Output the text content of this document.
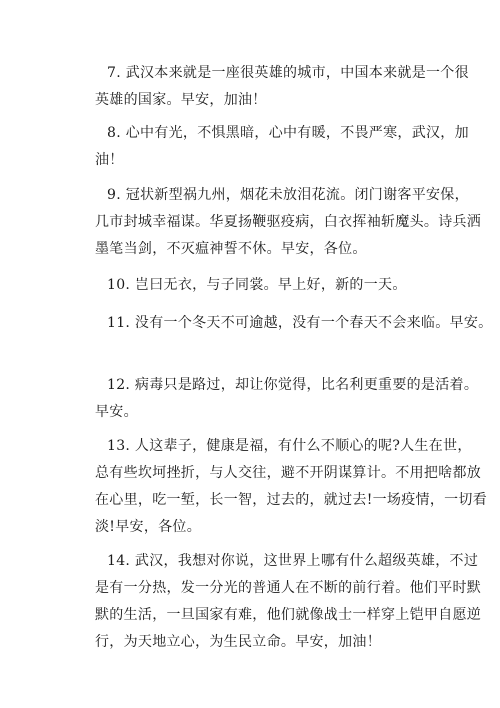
7. 武汉本来就是一座很英雄的城市，中国本来就是一个很
英雄的国家。早安，加油！
8. 心中有光，不惧黑暗，心中有暖，不畏严寒，武汉，加
油！
9. 冠状新型祸九州，烟花未放泪花流。闭门谢客平安保，
几市封城幸福谋。华夏扬鞭驱疫病，白衣挥袖斩魔头。诗兵洒
墨笔当剑，不灭瘟神誓不休。早安，各位。
10. 岂曰无衣，与子同裳。早上好，新的一天。
11. 没有一个冬天不可逾越，没有一个春天不会来临。早安。
12. 病毒只是路过，却让你觉得，比名利更重要的是活着。
早安。
13. 人这辈子，健康是福，有什么不顺心的呢?人生在世，
总有些坎坷挫折，与人交往，避不开阴谋算计。不用把啥都放
在心里，吃一堑，长一智，过去的，就过去!一场疫情，一切看
淡!早安，各位。
14. 武汉，我想对你说，这世界上哪有什么超级英雄，不过
是有一分热，发一分光的普通人在不断的前行着。他们平时默
默的生活，一旦国家有难，他们就像战士一样穿上铠甲自愿逆
行，为天地立心，为生民立命。早安，加油！
